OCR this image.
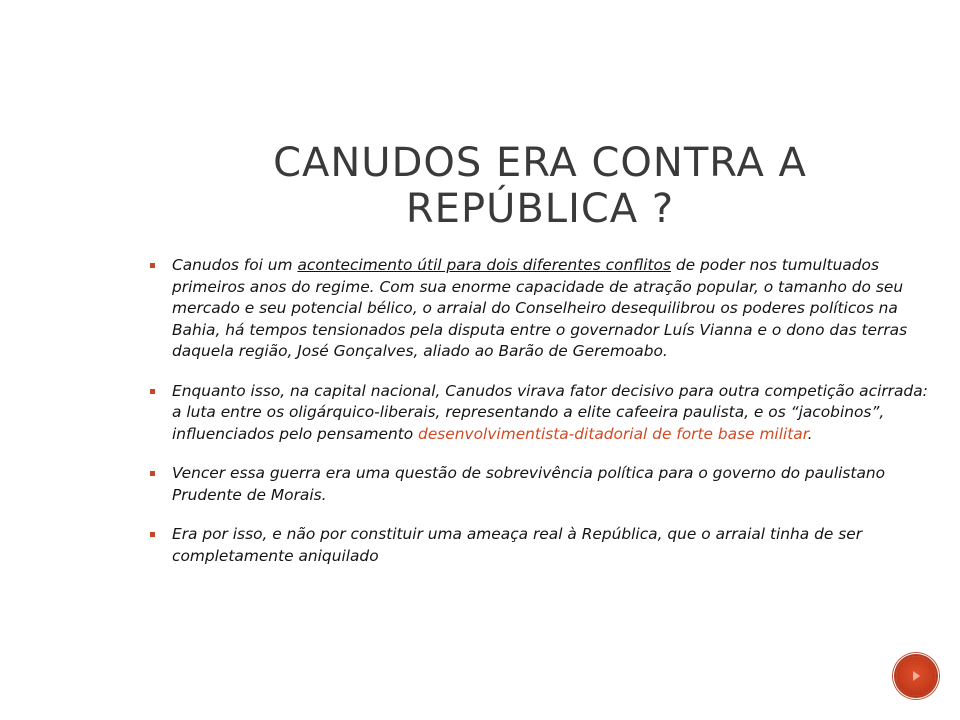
CANUDOS ERA CONTRA A
REPÚBLICA ?
Canudos foi um acontecimento útil para dois diferentes conflitos de poder nos tumultuados primeiros anos do regime. Com sua enorme capacidade de atração popular, o tamanho do seu mercado e seu potencial bélico, o arraial do Conselheiro desequilibrou os poderes políticos na Bahia, há tempos tensionados pela disputa entre o governador Luís Vianna e o dono das terras daquela região, José Gonçalves, aliado ao Barão de Geremoabo.
Enquanto isso, na capital nacional, Canudos virava fator decisivo para outra competição acirrada: a luta entre os oligárquico-liberais, representando a elite cafeeira paulista, e os “jacobinos”, influenciados pelo pensamento desenvolvimentista-ditadorial de forte base militar.
Vencer essa guerra era uma questão de sobrevivência política para o governo do paulistano Prudente de Morais.
Era por isso, e não por constituir uma ameaça real à República, que o arraial tinha de ser completamente aniquilado
